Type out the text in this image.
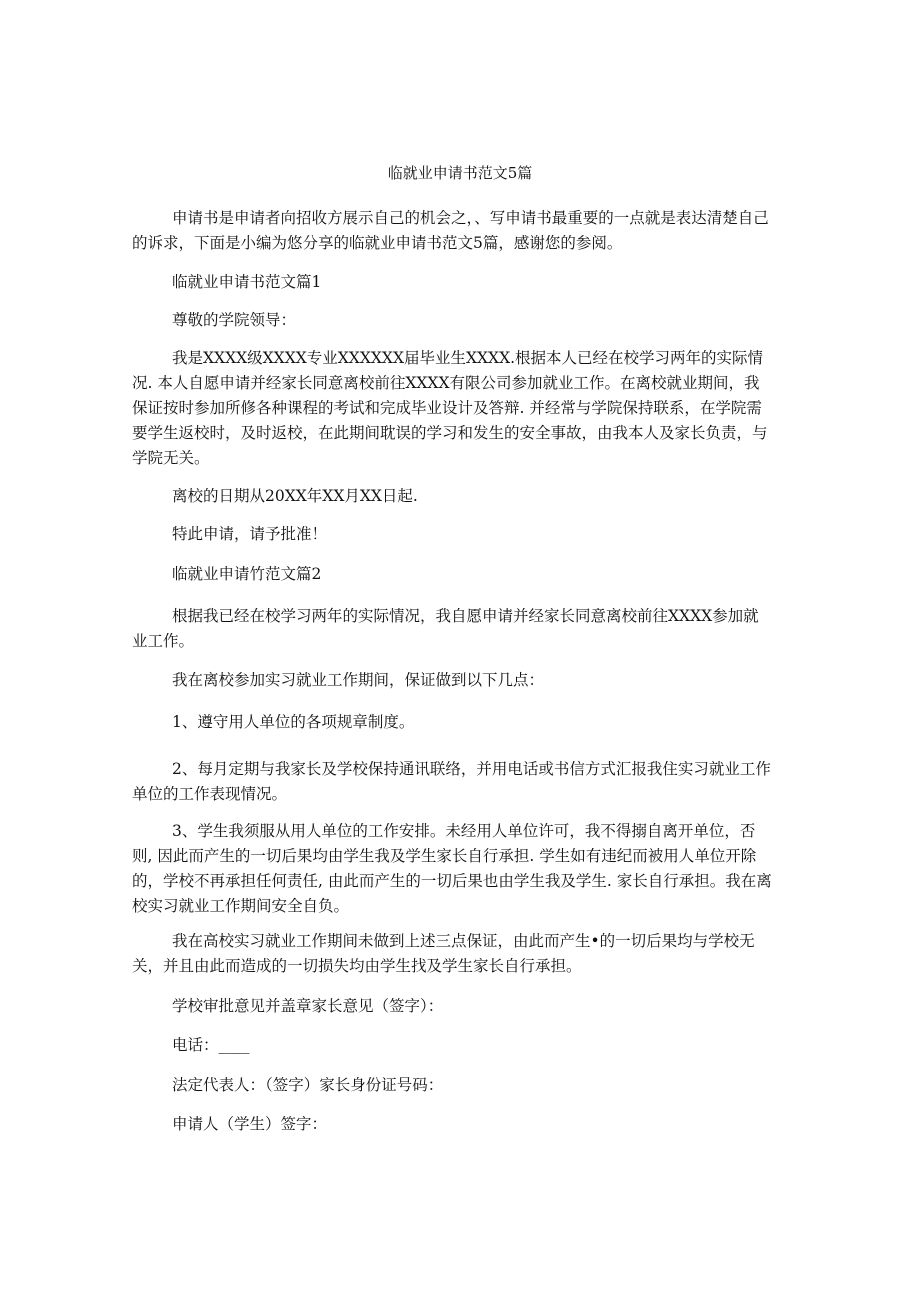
临就业申请书范文5篇

申请书是申请者向招收方展示自己的机会之，、写申请书最重要的一点就是表达清楚自己的诉求，下面是小编为悠分享的临就业申请书范文5篇，感谢您的参阅。

临就业申请书范文篇1

尊敬的学院领导：

我是XXXX级XXXX专业XXXXXX届毕业生XXXX.根据本人已经在校学习两年的实际情况. 本人自愿申请并经家长同意离校前往XXXX有限公司参加就业工作。在离校就业期间，我保证按时参加所修各种课程的考试和完成毕业设计及答辩. 并经常与学院保持联系，在学院需要学生返校时，及时返校，在此期间耽误的学习和发生的安全事故，由我本人及家长负责，与学院无关。

离校的日期从20XX年XX月XX日起.

特此申请，请予批准！

临就业申请竹范文篇2

根据我已经在校学习两年的实际情况，我自愿申请并经家长同意离校前往XXXX参加就业工作。

我在离校参加实习就业工作期间，保证做到以下几点：

1、遵守用人单位的各项规章制度。

2、每月定期与我家长及学校保持通讯联络，并用电话或书信方式汇报我住实习就业工作单位的工作表现情况。

3、学生我须服从用人单位的工作安排。未经用人单位许可，我不得搦自离开单位，否则, 因此而产生的一切后果均由学生我及学生家长自行承担. 学生如有违纪而被用人单位开除的，学校不再承担任何责任, 由此而产生的一切后果也由学生我及学生. 家长自行承担。我在离校实习就业工作期间安全自负。

我在高校实习就业工作期间未做到上述三点保证，由此而产生•的一切后果均与学校无关，并且由此而造成的一切损失均由学生找及学生家长自行承担。

学校审批意见并盖章家长意见（签字）：

电话：____

法定代表人：（签字）家长身份证号码：

申请人（学生）签字：
